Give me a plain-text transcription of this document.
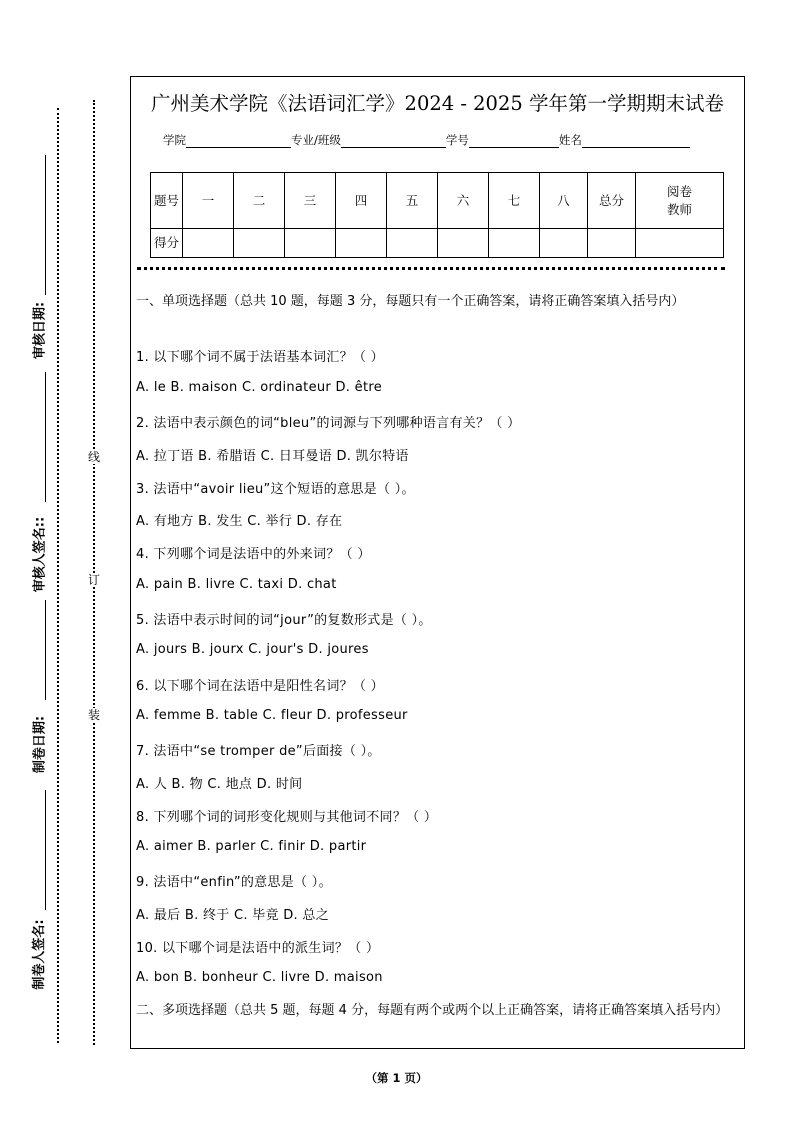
审核日期:
审核人签名::
制卷日期:
制卷人签名:
线
订
装
广州美术学院《法语词汇学》2024 - 2025 学年第一学期期末试卷
学院	专业/班级	学号	姓名
题号	一	二	三	四	五	六	七	八	总分	阅卷教师
得分										
一、单项选择题（总共 10 题，每题 3 分，每题只有一个正确答案，请将正确答案填入括号内）
1. 以下哪个词不属于法语基本词汇？（ ）
A. le B. maison C. ordinateur D. être
2. 法语中表示颜色的词“bleu”的词源与下列哪种语言有关？（ ）
A. 拉丁语 B. 希腊语 C. 日耳曼语 D. 凯尔特语
3. 法语中“avoir lieu”这个短语的意思是（ ）。
A. 有地方 B. 发生 C. 举行 D. 存在
4. 下列哪个词是法语中的外来词？（ ）
A. pain B. livre C. taxi D. chat
5. 法语中表示时间的词“jour”的复数形式是（ ）。
A. jours B. jourx C. jour's D. joures
6. 以下哪个词在法语中是阳性名词？（ ）
A. femme B. table C. fleur D. professeur
7. 法语中“se tromper de”后面接（ ）。
A. 人 B. 物 C. 地点 D. 时间
8. 下列哪个词的词形变化规则与其他词不同？（ ）
A. aimer B. parler C. finir D. partir
9. 法语中“enfin”的意思是（ ）。
A. 最后 B. 终于 C. 毕竟 D. 总之
10. 以下哪个词是法语中的派生词？（ ）
A. bon B. bonheur C. livre D. maison
二、多项选择题（总共 5 题，每题 4 分，每题有两个或两个以上正确答案，请将正确答案填入括号内）
（第 1 页）
